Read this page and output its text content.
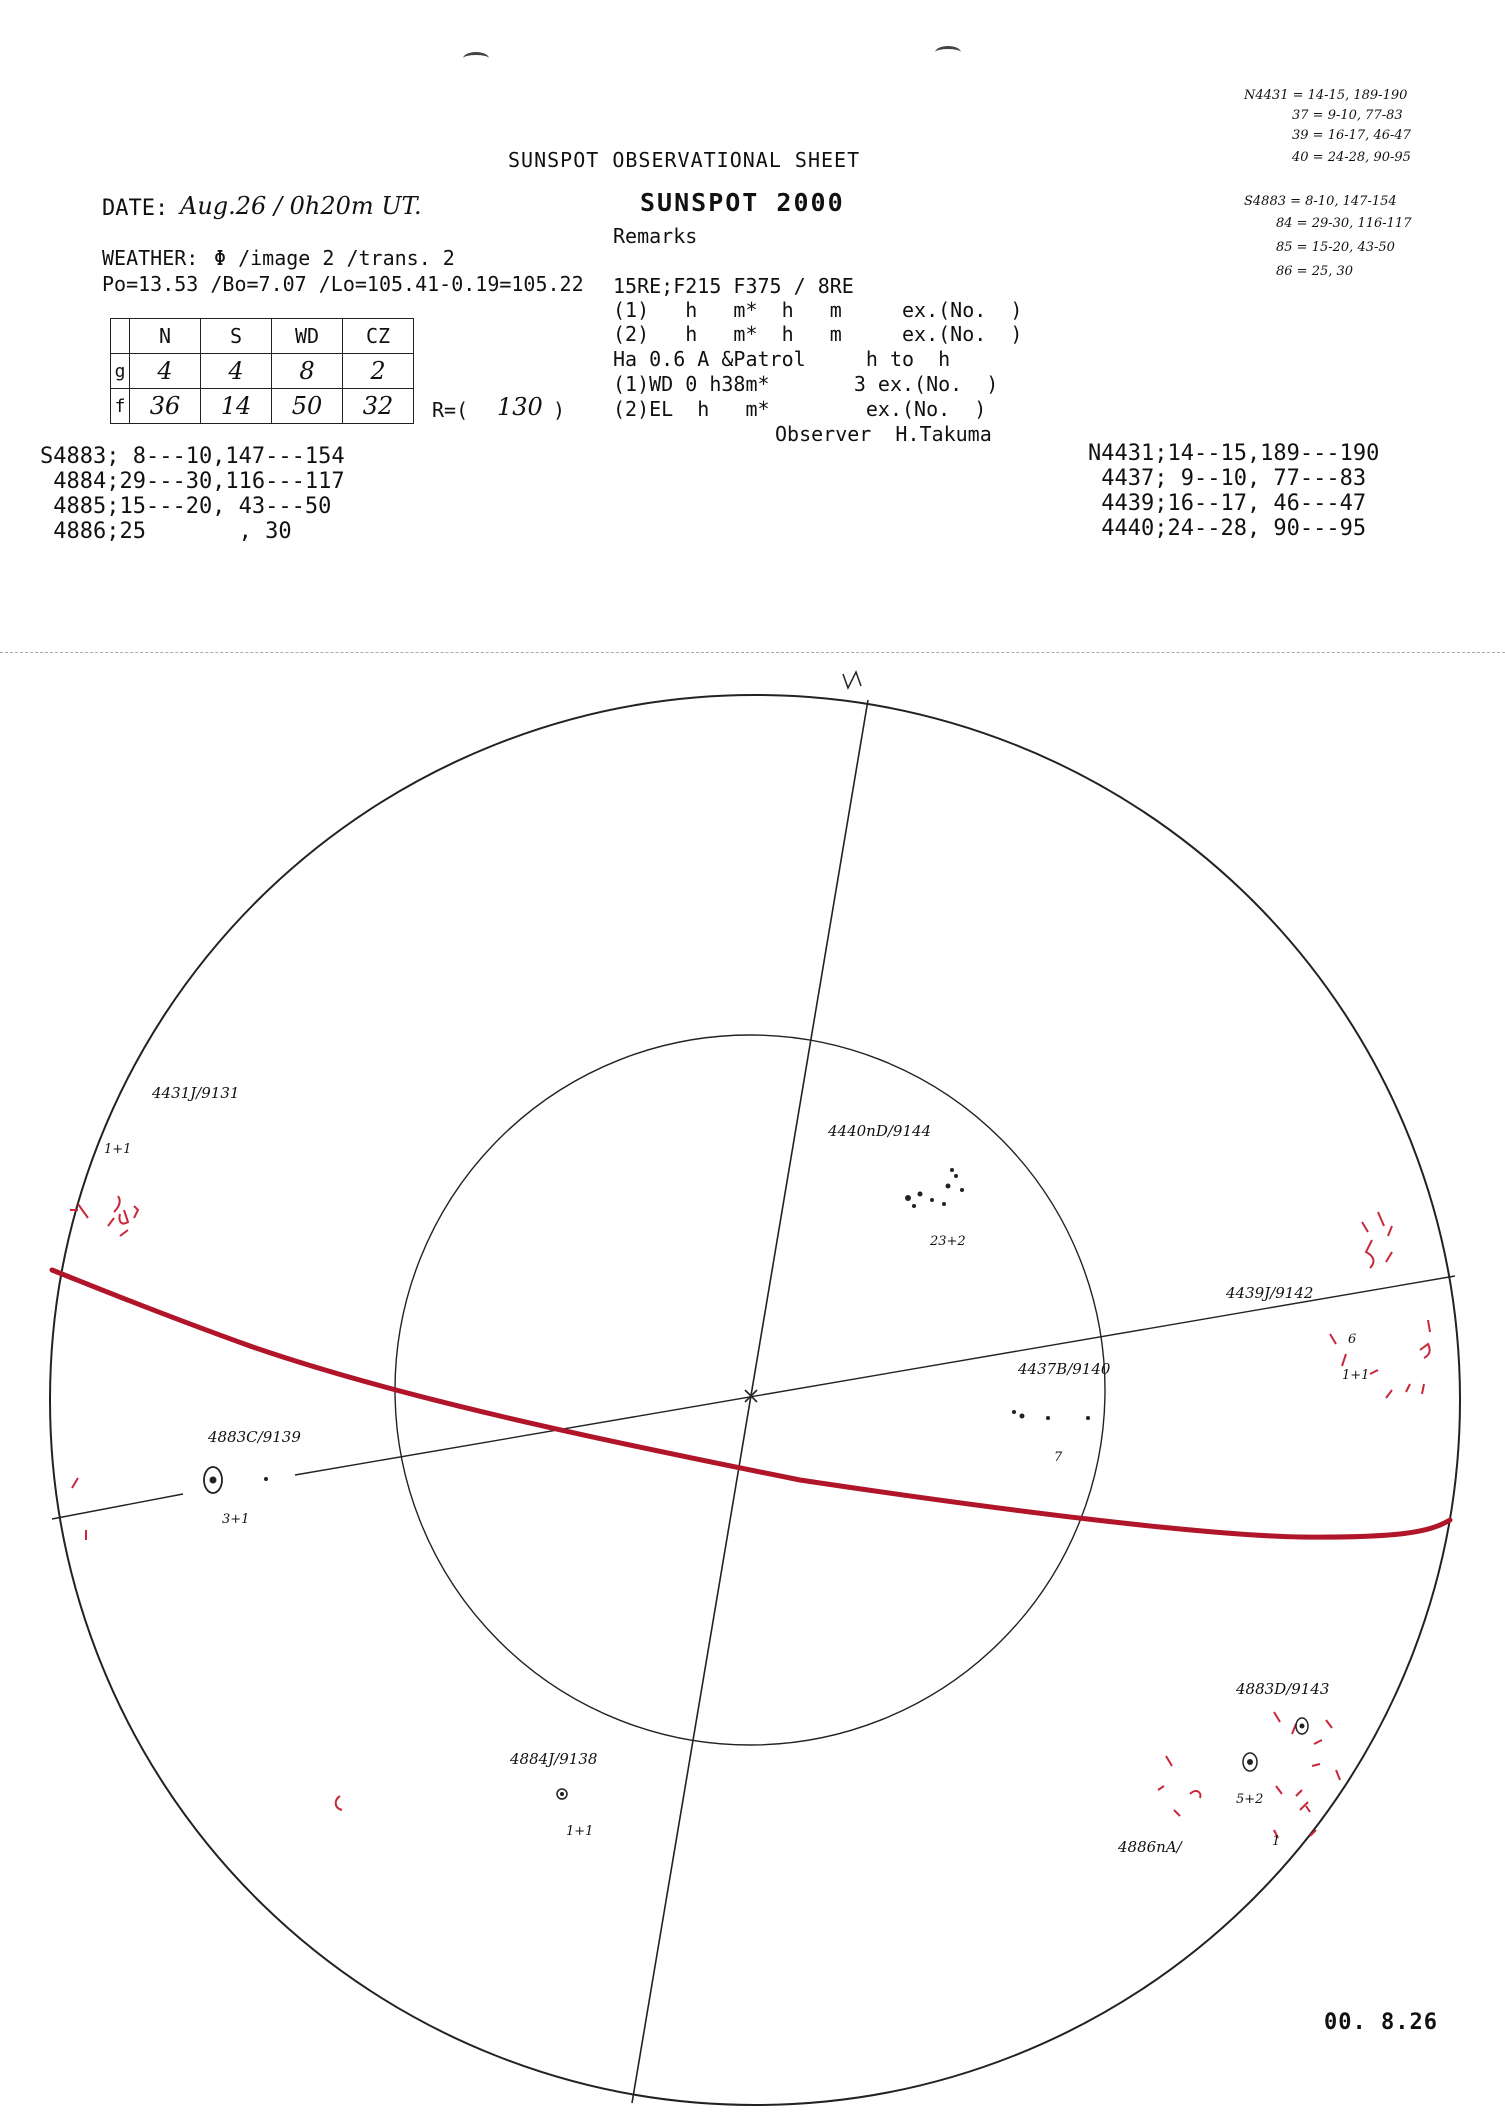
SUNSPOT OBSERVATIONAL SHEET
SUNSPOT 2000
Remarks
DATE: Aug.26 / 0h20m UT.
WEATHER: Φ /image 2 /trans. 2
Po=13.53 /Bo=7.07 /Lo=105.41-0.19=105.22 15RE;F215 F375 / 8RE
(1)   h   m*  h   m     ex.(No.  )
(2)   h   m*  h   m     ex.(No.  )
Ha 0.6 A &Patrol     h to  h
(1)WD 0 h38m*       3 ex.(No.  )
(2)EL  h   m*        ex.(No.  )
Observer  H.Takuma
	N	S	WD	CZ
g	4	4	8	2
f	36	14	50	32 R=( 130 )
S4883; 8---10,147---154
4884;29---30,116---117
4885;15---20, 43---50
4886;25       , 30
N4431;14--15,189---190
4437; 9--10, 77---83
4439;16--17, 46---47
4440;24--28, 90---95
N4431 = 14-15, 189-190
37 = 9-10, 77-83
39 = 16-17, 46-47
40 = 24-28, 90-95
S4883 = 8-10, 147-154
84 = 29-30, 116-117
85 = 15-20, 43-50
86 = 25, 30
4431J/9131
1+1
4440nD/9144
23+2
4439J/9142
1+1
6
4437B/9140
7
4883C/9139
3+1
4884J/9138
1+1
4883D/9143
5+2
4886nA/	1
00. 8.26
